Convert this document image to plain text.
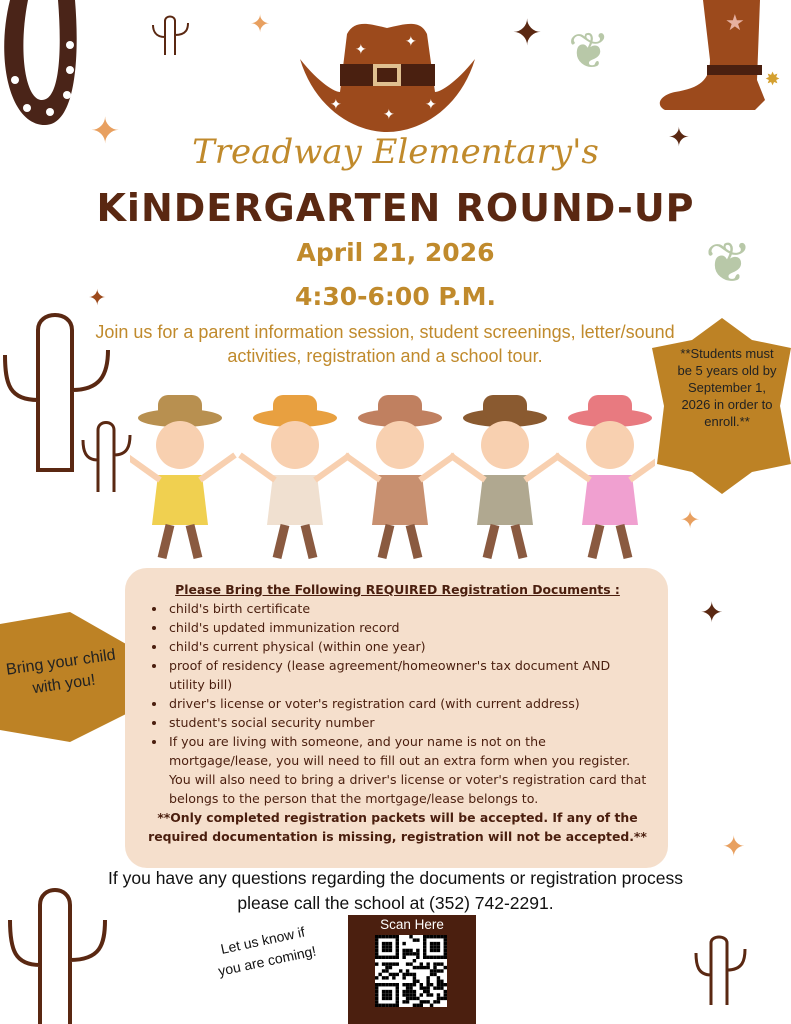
✦	✦
✦	✦
✦
★
✸
✦
✦
✦
✦
✦
✦
✦
✦
❦
❦
Treadway Elementary's
KiNDERGARTEN ROUND-UP
April 21, 2026
4:30-6:00 P.M.
Join us for a parent information session, student screenings, letter/sound activities, registration and a school tour.	**Students must be 5 years old by September 1, 2026 in order to enroll.**
Bring your child with you!
Please Bring the Following REQUIRED Registration Documents :
• child's birth certificate
• child's updated immunization record
• child's current physical (within one year)
• proof of residency (lease agreement/homeowner's tax document AND utility bill)
• driver's license or voter's registration card (with current address)
• student's social security number
• If you are living with someone, and your name is not on the mortgage/lease, you will need to fill out an extra form when you register. You will also need to bring a driver's license or voter's registration card that belongs to the person that the mortgage/lease belongs to.
**Only completed registration packets will be accepted. If any of the required documentation is missing, registration will not be accepted.**
If you have any questions regarding the documents or registration process please call the school at (352) 742-2291.
Let us know if you are coming!
Scan Here
